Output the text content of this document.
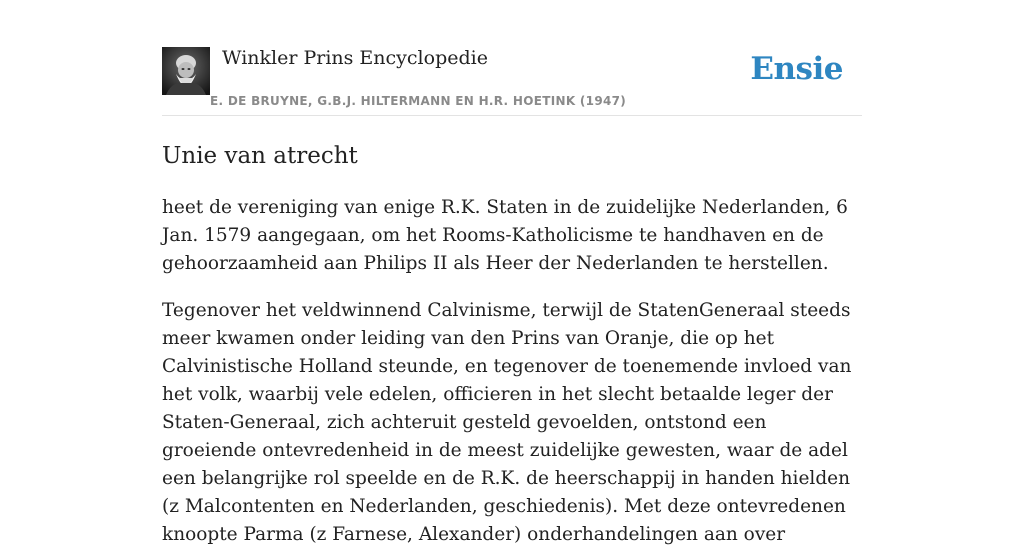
Winkler Prins Encyclopedie
E. DE BRUYNE, G.B.J. HILTERMANN EN H.R. HOETINK (1947)
Ensie
Unie van atrecht

heet de vereniging van enige R.K. Staten in de zuidelijke Nederlanden, 6 Jan. 1579 aangegaan, om het Rooms-Katholicisme te handhaven en de gehoorzaamheid aan Philips II als Heer der Nederlanden te herstellen.

Tegenover het veldwinnend Calvinisme, terwijl de StatenGeneraal steeds meer kwamen onder leiding van den Prins van Oranje, die op het Calvinistische Holland steunde, en tegenover de toenemende invloed van het volk, waarbij vele edelen, officieren in het slecht betaalde leger der Staten-Generaal, zich achteruit gesteld gevoelden, ontstond een groeiende ontevredenheid in de meest zuidelijke gewesten, waar de adel een belangrijke rol speelde en de R.K. de heerschappij in handen hielden (z Malcontenten en Nederlanden, geschiedenis). Met deze ontevredenen knoopte Parma (z Farnese, Alexander) onderhandelingen aan over
